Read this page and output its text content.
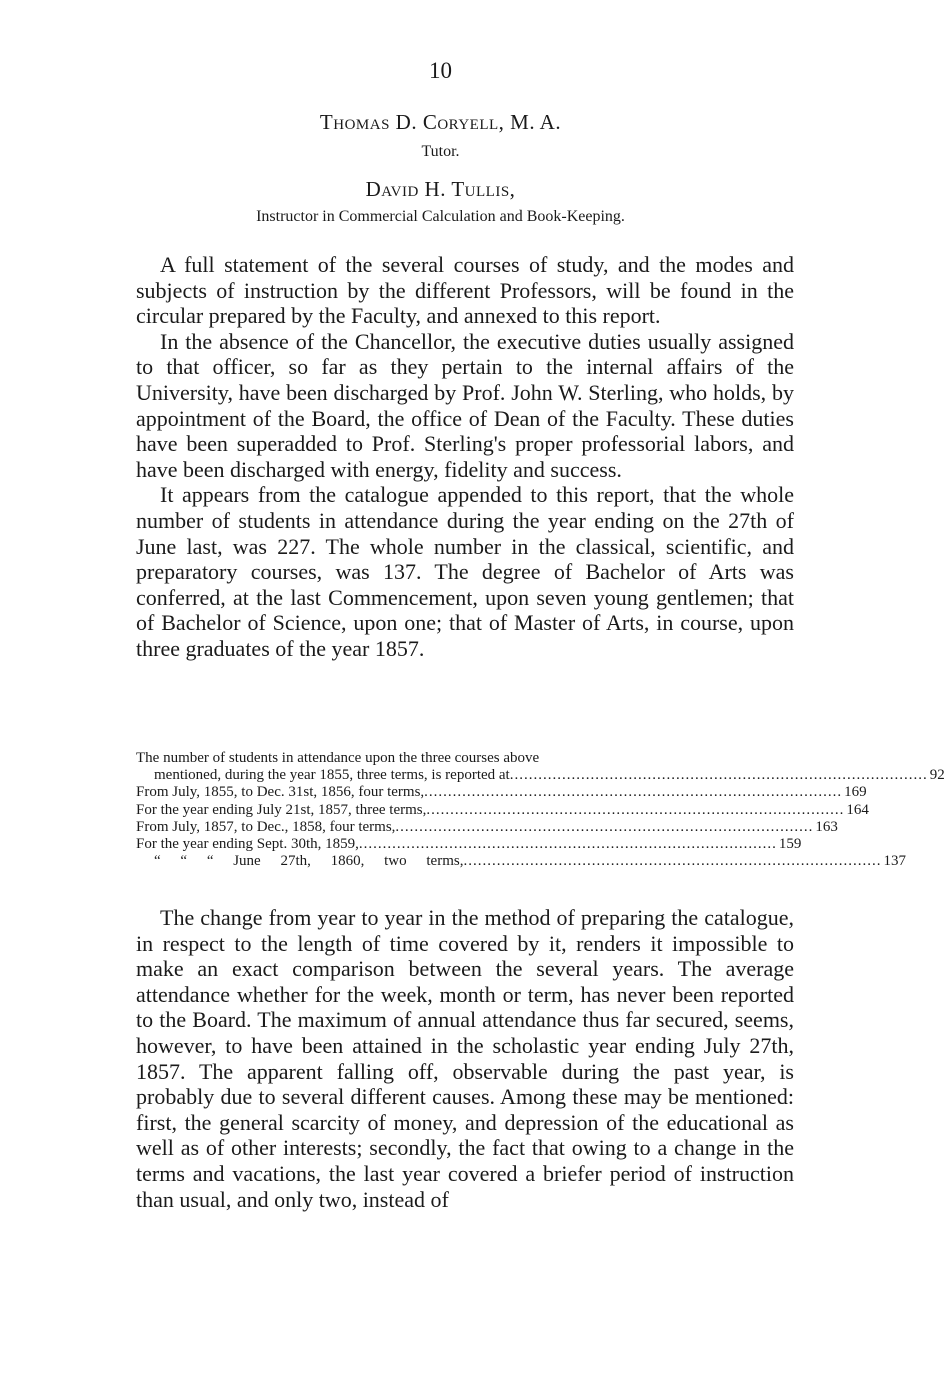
10
Thomas D. Coryell, M. A.
Tutor.
David H. Tullis,
Instructor in Commercial Calculation and Book-Keeping.

A full statement of the several courses of study, and the modes and subjects of instruction by the different Professors, will be found in the circular prepared by the Faculty, and annexed to this report.

In the absence of the Chancellor, the executive duties usually assigned to that officer, so far as they pertain to the internal affairs of the University, have been discharged by Prof. John W. Sterling, who holds, by appointment of the Board, the office of Dean of the Faculty. These duties have been superadded to Prof. Sterling's proper professorial labors, and have been discharged with energy, fidelity and success.

It appears from the catalogue appended to this report, that the whole number of students in attendance during the year ending on the 27th of June last, was 227. The whole number in the classical, scientific, and preparatory courses, was 137. The degree of Bachelor of Arts was conferred, at the last Commencement, upon seven young gentlemen; that of Bachelor of Science, upon one; that of Master of Arts, in course, upon three graduates of the year 1857.

The number of students in attendance upon the three courses above
mentioned, during the year 1855, three terms, is reported at ........................................................................................ 92
From July, 1855, to Dec. 31st, 1856, four terms, ........................................................................................ 169
For the year ending July 21st, 1857, three terms, ........................................................................................ 164
From July, 1857, to Dec., 1858, four terms, ........................................................................................ 163
For the year ending Sept. 30th, 1859, ........................................................................................ 159
“ “ “ June 27th, 1860, two terms, ........................................................................................ 137

The change from year to year in the method of preparing the catalogue, in respect to the length of time covered by it, renders it impossible to make an exact comparison between the several years. The average attendance whether for the week, month or term, has never been reported to the Board. The maximum of annual attendance thus far secured, seems, however, to have been attained in the scholastic year ending July 27th, 1857. The apparent falling off, observable during the past year, is probably due to several different causes. Among these may be mentioned: first, the general scarcity of money, and depression of the educational as well as of other interests; secondly, the fact that owing to a change in the terms and vacations, the last year covered a briefer period of instruction than usual, and only two, instead of
